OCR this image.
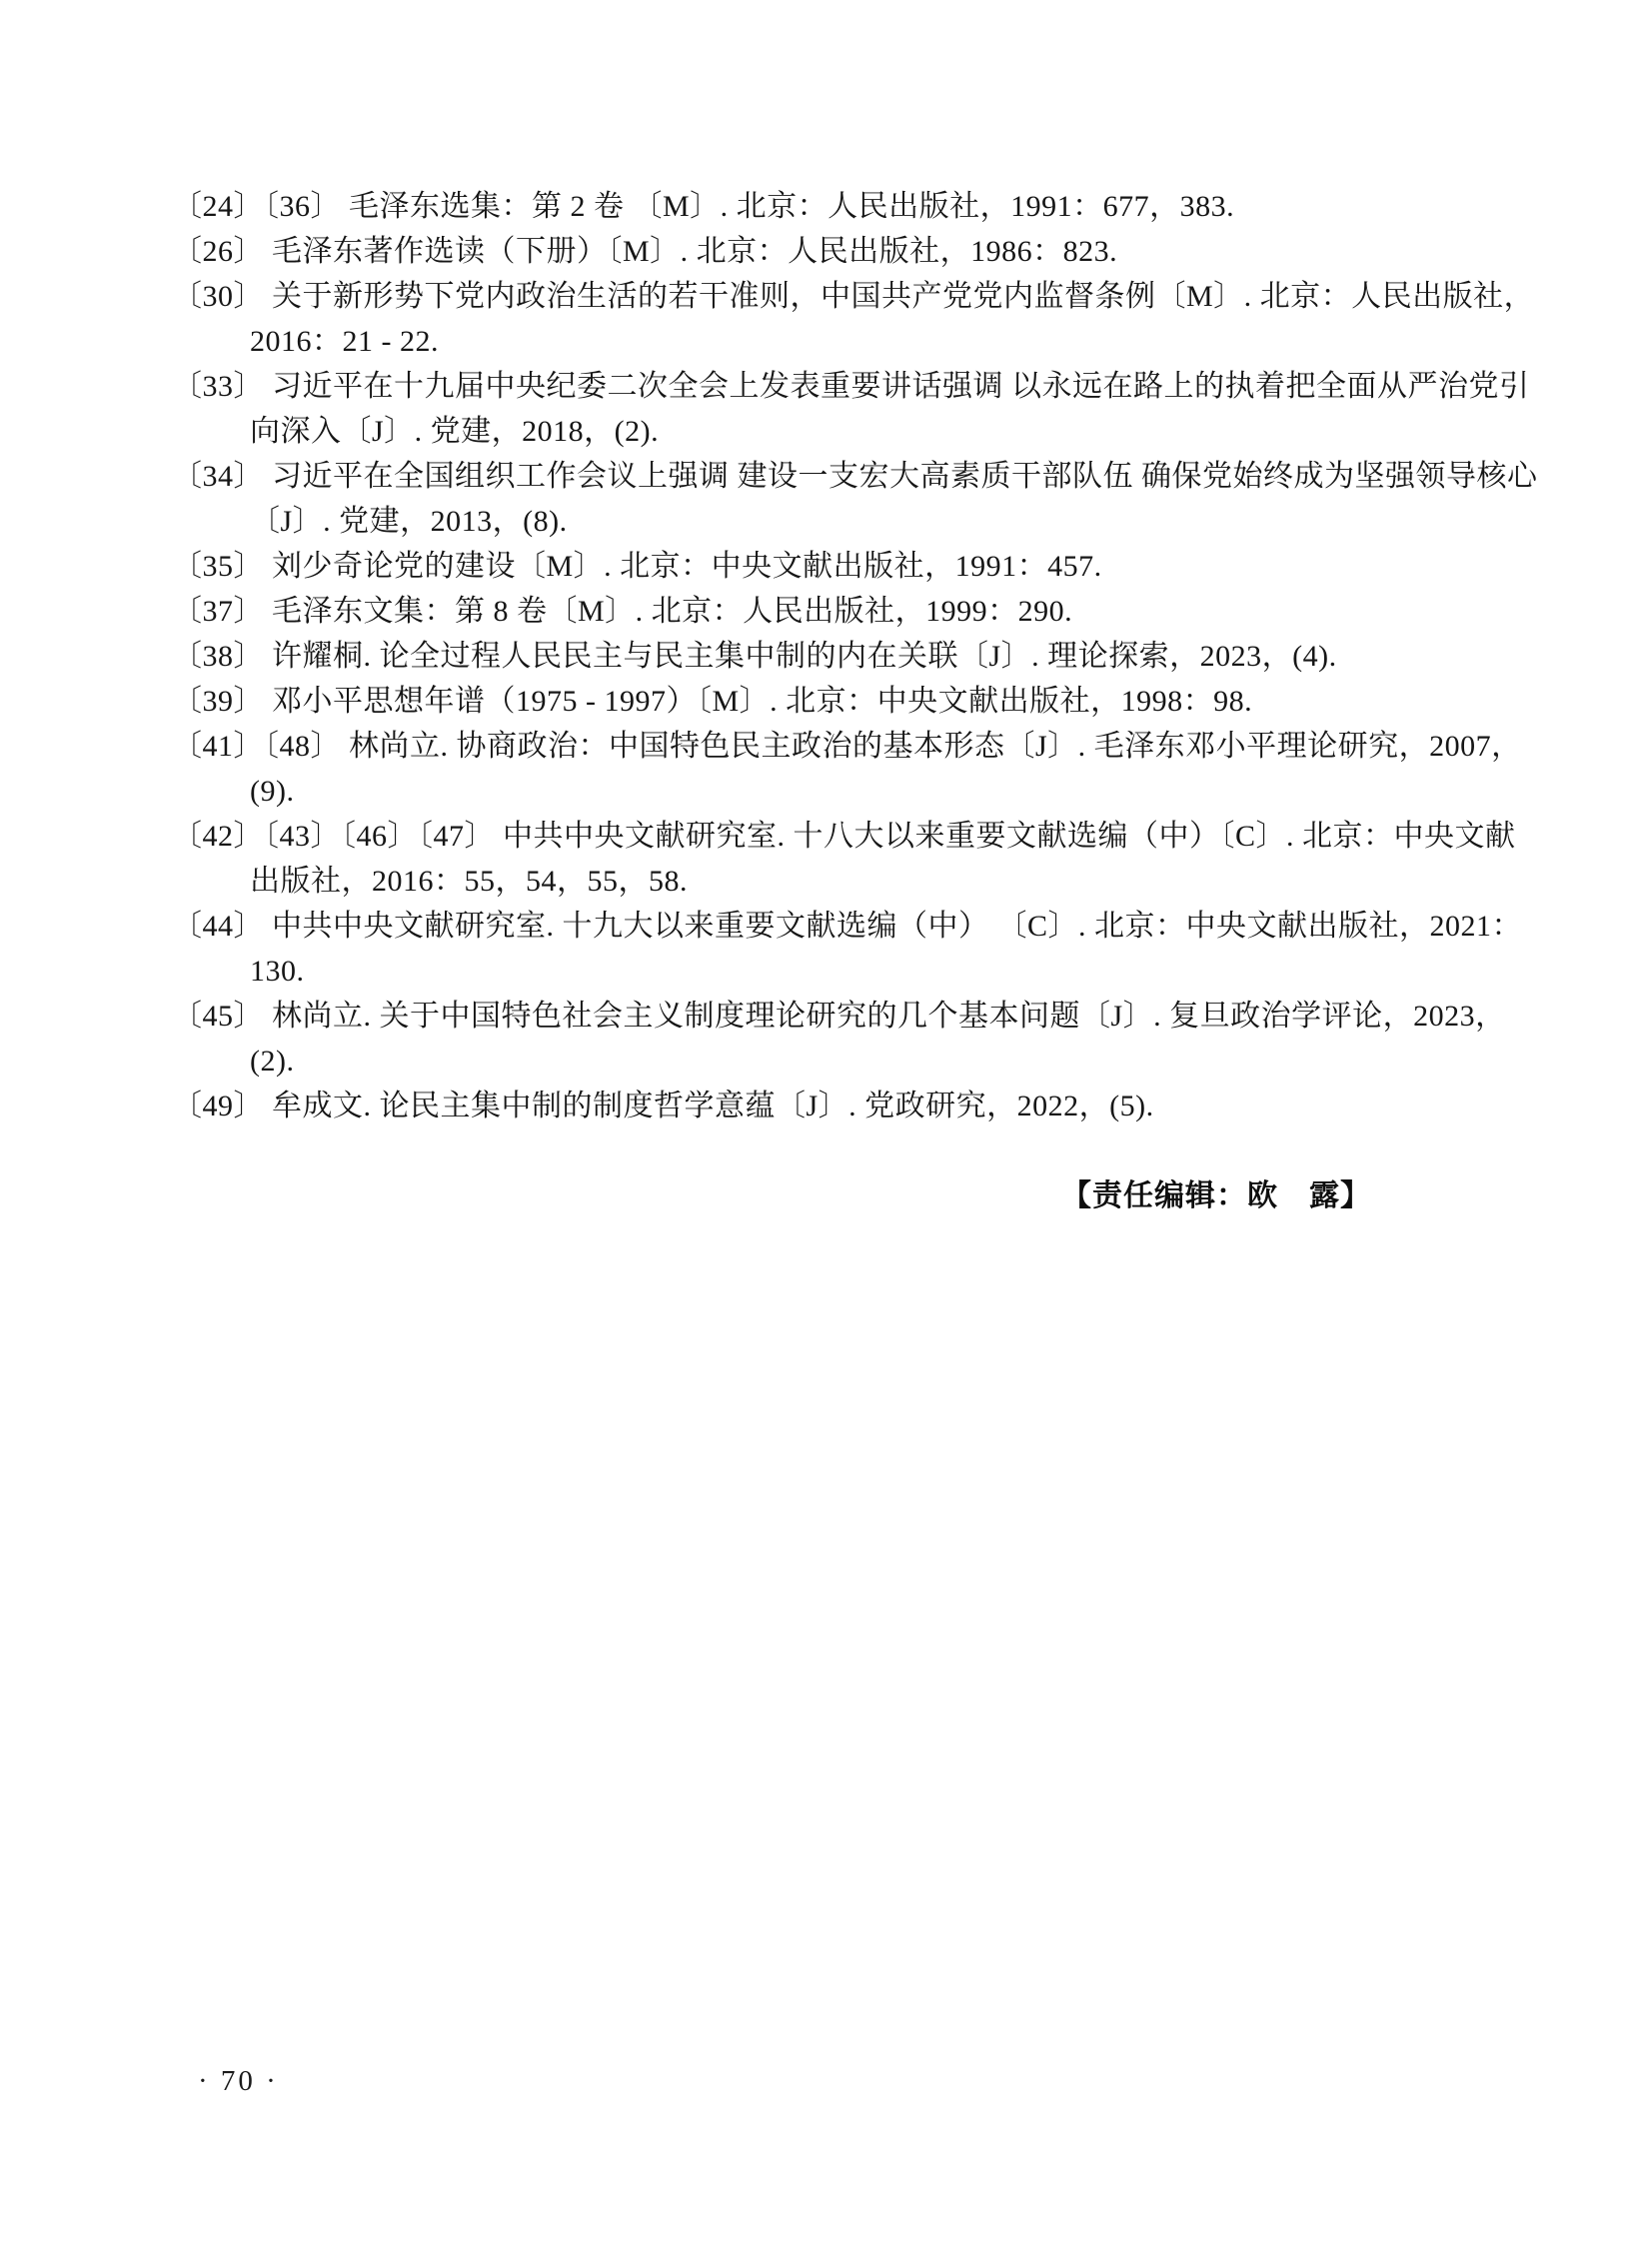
〔24〕〔36〕 毛泽东选集：第 2 卷 〔M〕. 北京：人民出版社，1991：677，383.
〔26〕 毛泽东著作选读（下册）〔M〕. 北京：人民出版社，1986：823.
〔30〕 关于新形势下党内政治生活的若干准则，中国共产党党内监督条例〔M〕. 北京：人民出版社，
2016：21 - 22.
〔33〕 习近平在十九届中央纪委二次全会上发表重要讲话强调 以永远在路上的执着把全面从严治党引
向深入〔J〕. 党建，2018，(2).
〔34〕 习近平在全国组织工作会议上强调 建设一支宏大高素质干部队伍 确保党始终成为坚强领导核心
〔J〕. 党建，2013，(8).
〔35〕 刘少奇论党的建设〔M〕. 北京：中央文献出版社，1991：457.
〔37〕 毛泽东文集：第 8 卷〔M〕. 北京：人民出版社，1999：290.
〔38〕 许耀桐. 论全过程人民民主与民主集中制的内在关联〔J〕. 理论探索，2023，(4).
〔39〕 邓小平思想年谱（1975 - 1997）〔M〕. 北京：中央文献出版社，1998：98.
〔41〕〔48〕 林尚立. 协商政治：中国特色民主政治的基本形态〔J〕. 毛泽东邓小平理论研究，2007，
(9).
〔42〕〔43〕〔46〕〔47〕 中共中央文献研究室. 十八大以来重要文献选编（中）〔C〕. 北京：中央文献
出版社，2016：55，54，55，58.
〔44〕 中共中央文献研究室. 十九大以来重要文献选编（中） 〔C〕. 北京：中央文献出版社，2021：
130.
〔45〕 林尚立. 关于中国特色社会主义制度理论研究的几个基本问题〔J〕. 复旦政治学评论，2023，
(2).
〔49〕 牟成文. 论民主集中制的制度哲学意蕴〔J〕. 党政研究，2022，(5).
【责任编辑：欧　露】
· 70 ·
